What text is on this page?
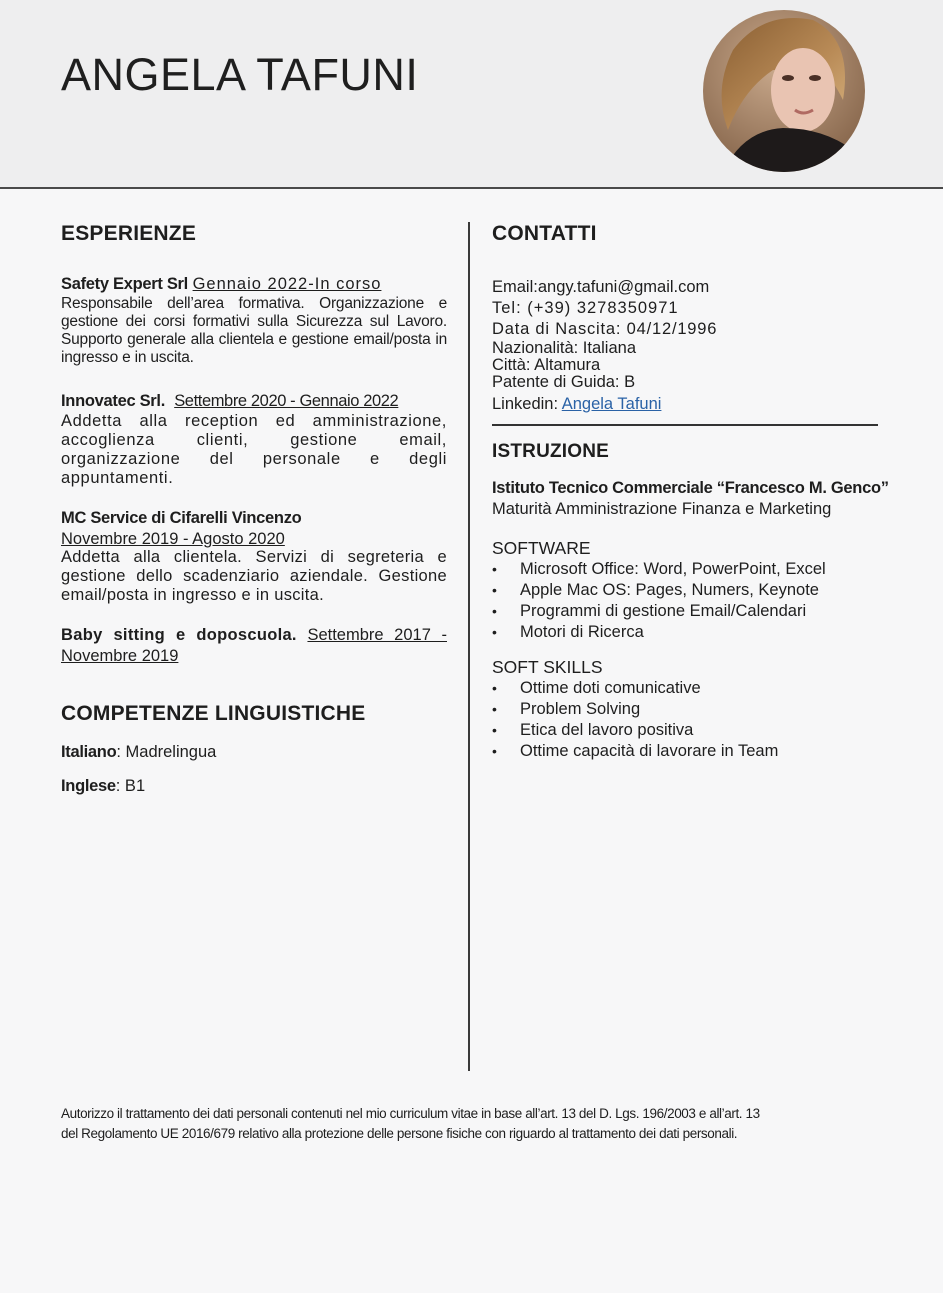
ANGELA TAFUNI
ESPERIENZE
Safety Expert Srl Gennaio 2022-In corso
Responsabile dell’area formativa. Organizzazione e gestione dei corsi formativi sulla Sicurezza sul Lavoro. Supporto generale alla clientela e gestione email/posta in ingresso e in uscita.
Innovatec Srl. Settembre 2020 - Gennaio 2022
Addetta alla reception ed amministrazione, accoglienza clienti, gestione email, organizzazione del personale e degli appuntamenti.
MC Service di Cifarelli Vincenzo
Novembre 2019 - Agosto 2020
Addetta alla clientela. Servizi di segreteria e gestione dello scadenziario aziendale. Gestione email/posta in ingresso e in uscita.
Baby sitting e doposcuola. Settembre 2017 - Novembre 2019
COMPETENZE LINGUISTICHE
Italiano: Madrelingua
Inglese: B1
CONTATTI
Email:angy.tafuni@gmail.com
Tel: (+39) 3278350971
Data di Nascita: 04/12/1996
Nazionalità: Italiana
Città: Altamura
Patente di Guida: B
Linkedin: Angela Tafuni
ISTRUZIONE
Istituto Tecnico Commerciale “Francesco M. Genco”
Maturità Amministrazione Finanza e Marketing
SOFTWARE
• Microsoft Office: Word, PowerPoint, Excel
• Apple Mac OS: Pages, Numers, Keynote
• Programmi di gestione Email/Calendari
• Motori di Ricerca
SOFT SKILLS
• Ottime doti comunicative
• Problem Solving
• Etica del lavoro positiva
• Ottime capacità di lavorare in Team
Autorizzo il trattamento dei dati personali contenuti nel mio curriculum vitae in base all’art. 13 del D. Lgs. 196/2003 e all’art. 13
del Regolamento UE 2016/679 relativo alla protezione delle persone fisiche con riguardo al trattamento dei dati personali.
